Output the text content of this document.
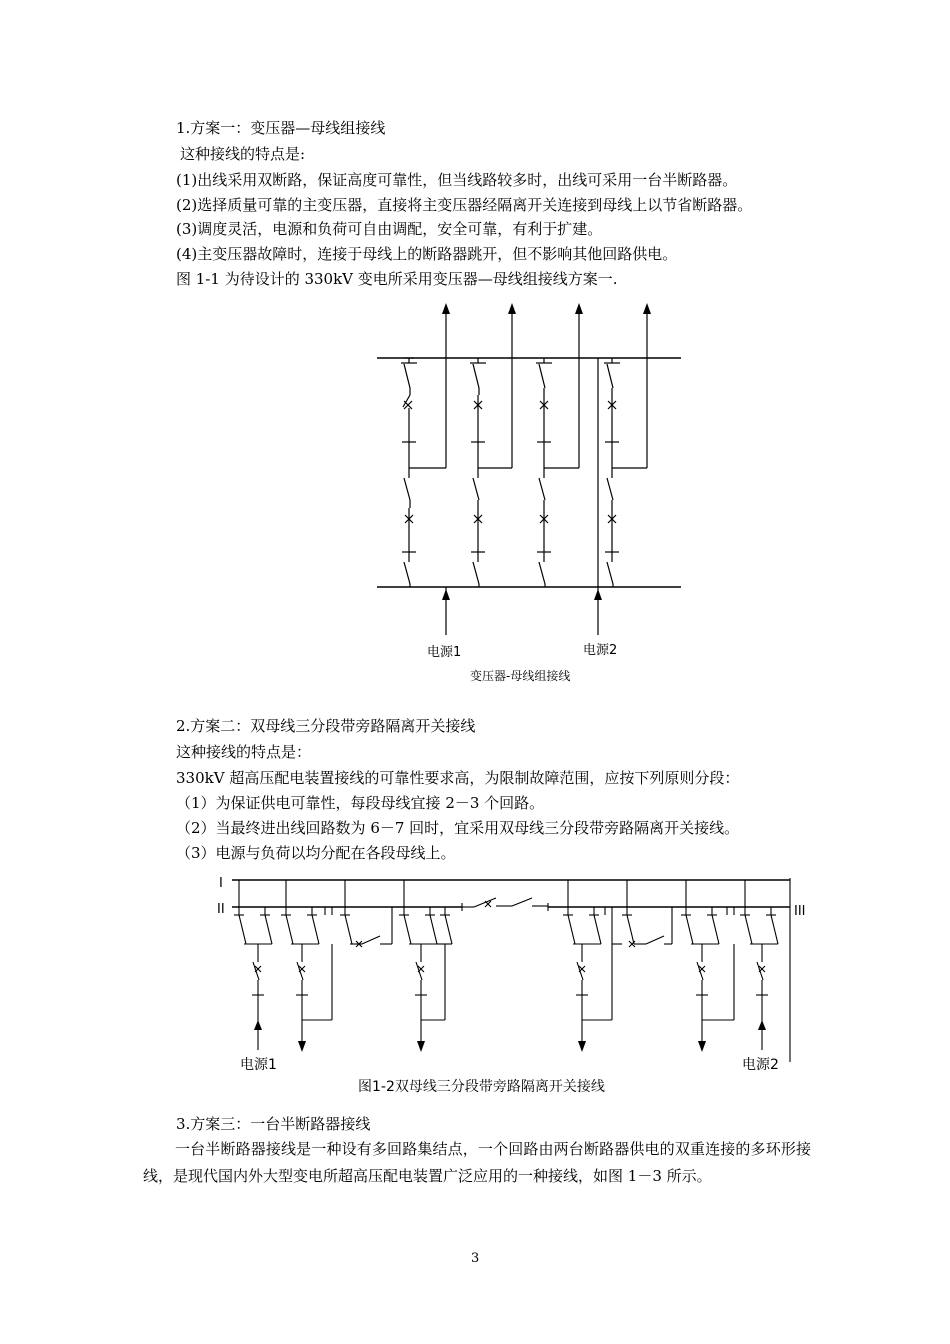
1.方案一：变压器—母线组接线
这种接线的特点是:
(1)出线采用双断路，保证高度可靠性，但当线路较多时，出线可采用一台半断路器。
(2)选择质量可靠的主变压器，直接将主变压器经隔离开关连接到母线上以节省断路器。
(3)调度灵活，电源和负荷可自由调配，安全可靠，有利于扩建。
(4)主变压器故障时，连接于母线上的断路器跳开，但不影响其他回路供电。
图 1-1 为待设计的 330kV 变电所采用变压器—母线组接线方案一.
电源1	电源2
变压器-母线组接线
2.方案二：双母线三分段带旁路隔离开关接线
这种接线的特点是：
330kV 超高压配电装置接线的可靠性要求高，为限制故障范围，应按下列原则分段：
（1）为保证供电可靠性，每段母线宜接 2－3 个回路。
（2）当最终进出线回路数为 6－7 回时，宜采用双母线三分段带旁路隔离开关接线。
（3）电源与负荷以均分配在各段母线上。
I
II	III
电源1	电源2
图1-2双母线三分段带旁路隔离开关接线
3.方案三：一台半断路器接线
一台半断路器接线是一种设有多回路集结点，一个回路由两台断路器供电的双重连接的多环形接线，是现代国内外大型变电所超高压配电装置广泛应用的一种接线，如图 1－3 所示。
3
